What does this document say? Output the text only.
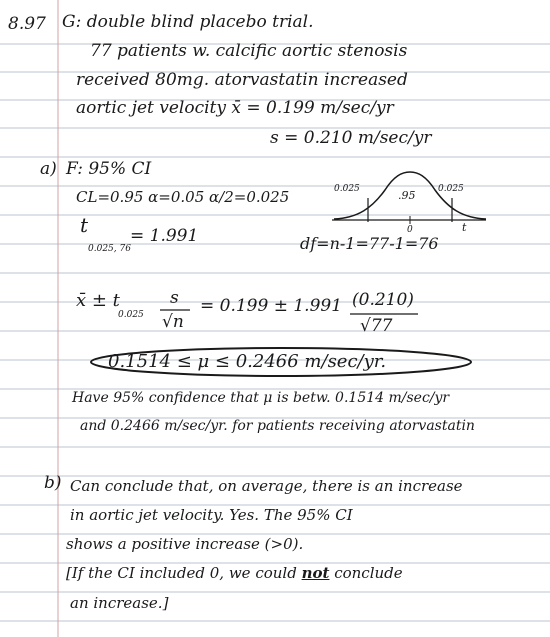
8.97 G: double blind placebo trial.
77 patients w. calcific aortic stenosis
received 80mg. atorvastatin increased
aortic jet velocity x̄ = 0.199 m/sec/yr
s = 0.210 m/sec/yr
a) F: 95% CI
CL=0.95 α=0.05 α/2=0.025
t
0.025, 76
= 1.991
0.025	.95	0.025
0	t
df=n-1=77-1=76
x̄ ± t
0.025
s
√n
= 0.199 ± 1.991 (0.210)
√77
0.1514 ≤ μ ≤ 0.2466 m/sec/yr.
Have 95% confidence that μ is betw. 0.1514 m/sec/yr
and 0.2466 m/sec/yr. for patients receiving atorvastatin
b) Can conclude that, on average, there is an increase
in aortic jet velocity. Yes. The 95% CI
shows a positive increase (>0).
[If the CI included 0, we could not conclude
an increase.]
